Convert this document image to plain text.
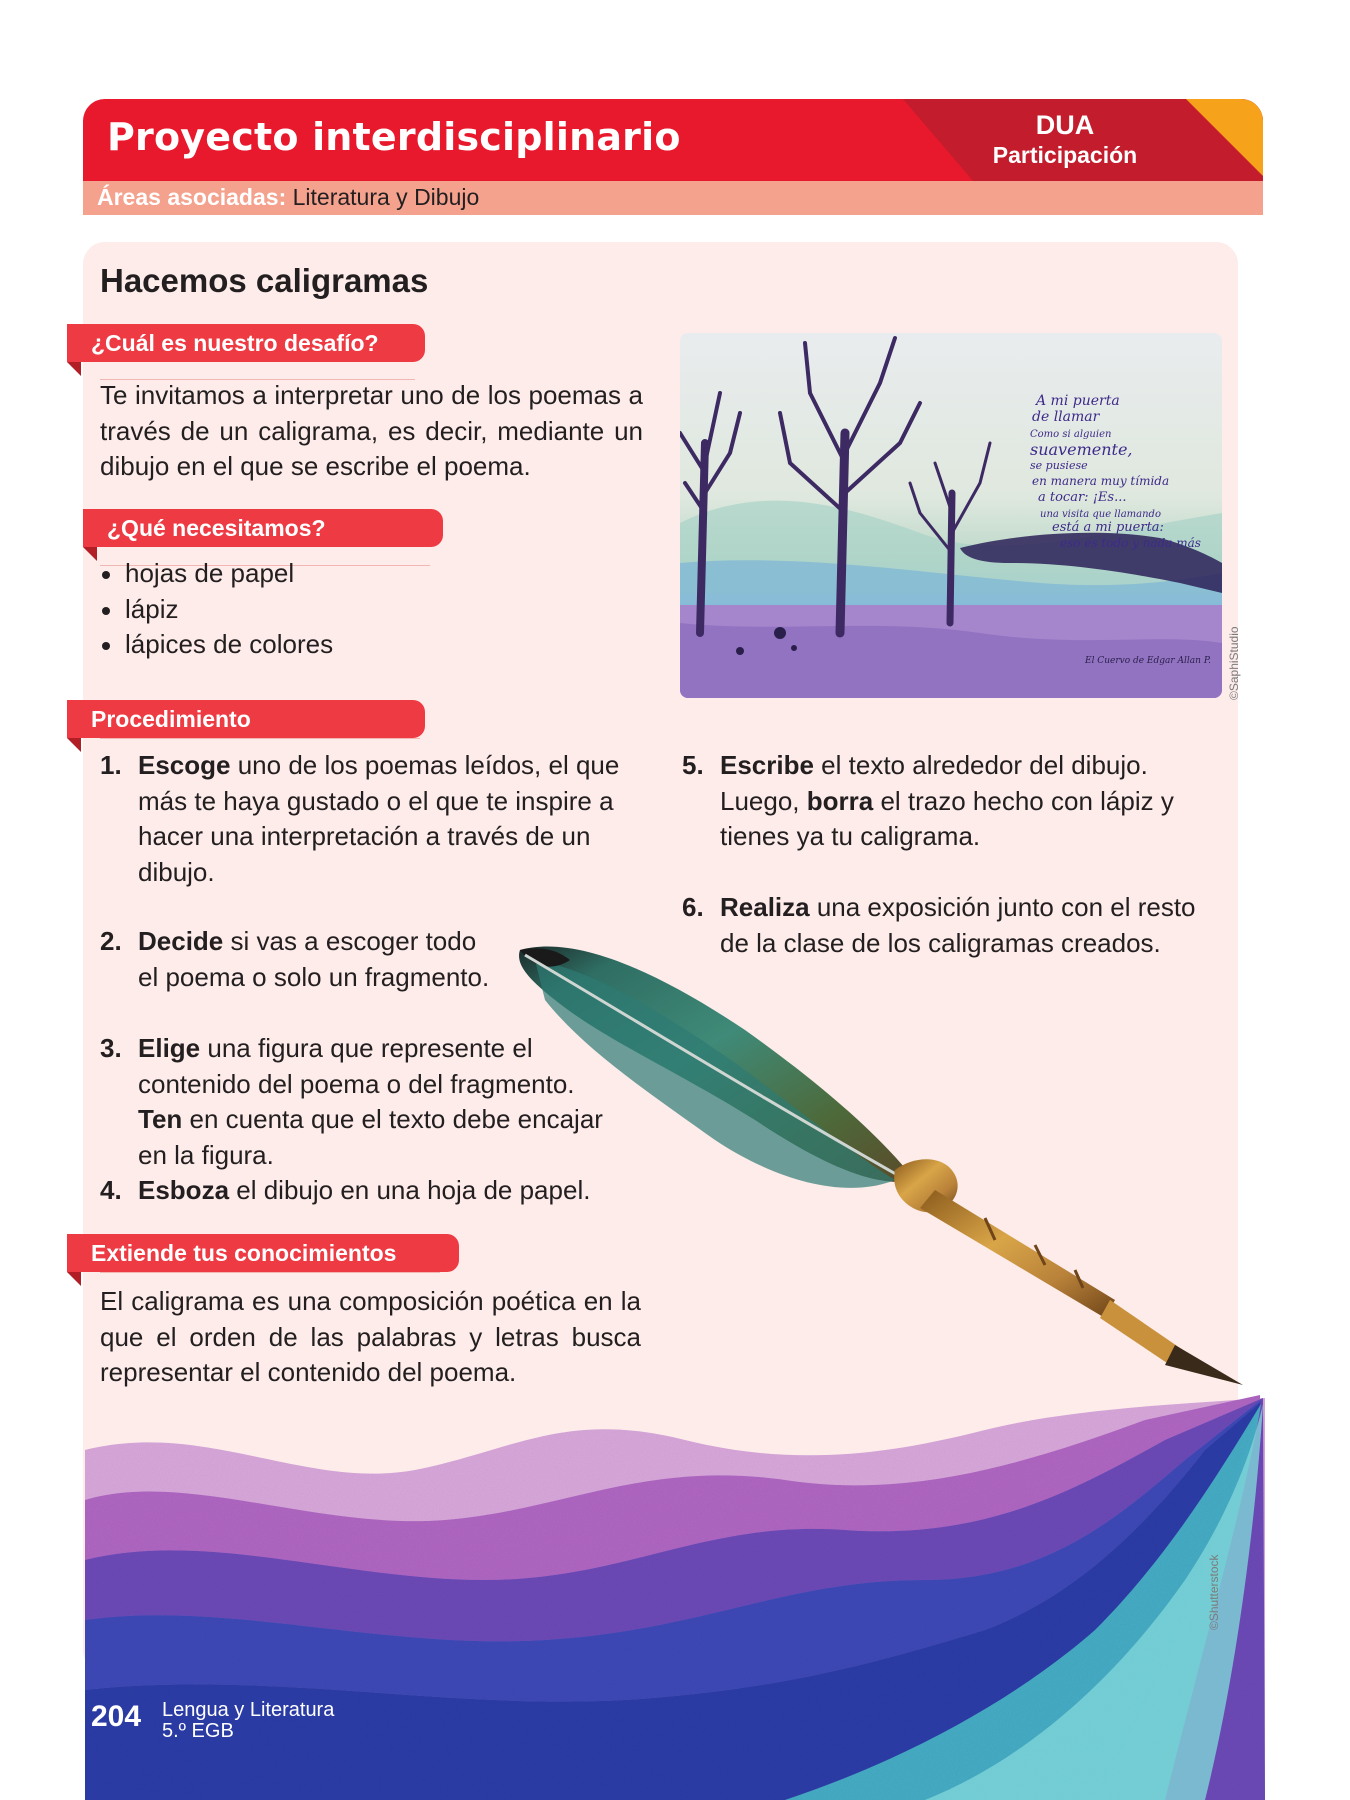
Proyecto interdisciplinario	DUA
Participación
Áreas asociadas: Literatura y Dibujo
Hacemos caligramas
¿Cuál es nuestro desafío?
Te invitamos a interpretar uno de los poemas a través de un caligrama, es decir, mediante un dibujo en el que se escribe el poema.
¿Qué necesitamos?
hojas de papel
lápiz
lápices de colores
Procedimiento
1. Escoge uno de los poemas leídos, el que más te haya gustado o el que te inspire a hacer una interpretación a través de un dibujo.
2. Decide si vas a escoger todo el poema o solo un fragmento.
3. Elige una figura que represente el contenido del poema o del fragmento.
Ten en cuenta que el texto debe encajar en la figura.
4. Esboza el dibujo en una hoja de papel.
5. Escribe el texto alrededor del dibujo.
Luego, borra el trazo hecho con lápiz y tienes ya tu caligrama.
6. Realiza una exposición junto con el resto de la clase de los caligramas creados.
Extiende tus conocimientos
El caligrama es una composición poética en la que el orden de las palabras y letras busca representar el contenido del poema.
A mi puerta de llamar Como si alguien suavemente, se pusiese en manera muy tímida a tocar: ¡Es... una visita que llamando está a mi puerta: eso es todo y nada más
El Cuervo de Edgar Allan P. ©SaphiStudio
©Shutterstock
204 Lengua y Literatura
5.º EGB
